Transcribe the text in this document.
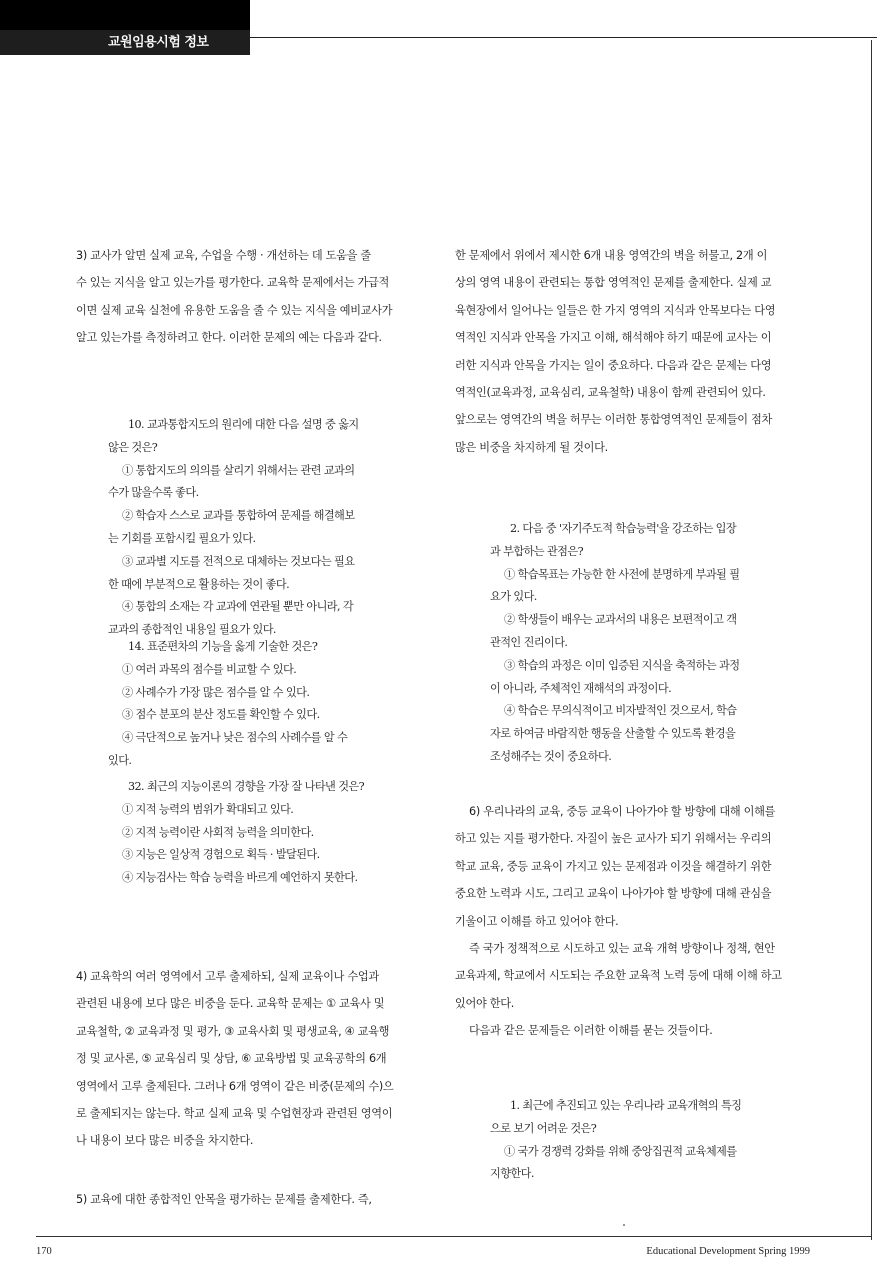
교원임용시험 정보

3) 교사가 알면 실제 교육, 수업을 수행 · 개선하는 데 도움을 줄

수 있는 지식을 알고 있는가를 평가한다. 교육학 문제에서는 가급적

이면 실제 교육 실천에 유용한 도움을 줄 수 있는 지식을 예비교사가

알고 있는가를 측정하려고 한다. 이러한 문제의 예는 다음과 같다.

10. 교과통합지도의 원리에 대한 다음 설명 중 옳지

않은 것은?

① 통합지도의 의의를 살리기 위해서는 관련 교과의

수가 많을수록 좋다.

② 학습자 스스로 교과를 통합하여 문제를 해결해보

는 기회를 포함시킬 필요가 있다.

③ 교과별 지도를 전적으로 대체하는 것보다는 필요

한 때에 부분적으로 활용하는 것이 좋다.

④ 통합의 소재는 각 교과에 연관될 뿐만 아니라, 각

교과의 종합적인 내용일 필요가 있다.

14. 표준편차의 기능을 옳게 기술한 것은?

① 여러 과목의 점수를 비교할 수 있다.

② 사례수가 가장 많은 점수를 알 수 있다.

③ 점수 분포의 분산 정도를 확인할 수 있다.

④ 극단적으로 높거나 낮은 점수의 사례수를 알 수

있다.

32. 최근의 지능이론의 경향을 가장 잘 나타낸 것은?

① 지적 능력의 범위가 확대되고 있다.

② 지적 능력이란 사회적 능력을 의미한다.

③ 지능은 일상적 경험으로 획득 · 발달된다.

④ 지능검사는 학습 능력을 바르게 예언하지 못한다.

4) 교육학의 여러 영역에서 고루 출제하되, 실제 교육이나 수업과

관련된 내용에 보다 많은 비중을 둔다. 교육학 문제는 ① 교육사 및

교육철학, ② 교육과정 및 평가, ③ 교육사회 및 평생교육, ④ 교육행

정 및 교사론, ⑤ 교육심리 및 상담, ⑥ 교육방법 및 교육공학의 6개

영역에서 고루 출제된다. 그러나 6개 영역이 같은 비중(문제의 수)으

로 출제되지는 않는다. 학교 실제 교육 및 수업현장과 관련된 영역이

나 내용이 보다 많은 비중을 차지한다.

5) 교육에 대한 종합적인 안목을 평가하는 문제를 출제한다. 즉,

한 문제에서 위에서 제시한 6개 내용 영역간의 벽을 허물고, 2개 이

상의 영역 내용이 관련되는 통합 영역적인 문제를 출제한다. 실제 교

육현장에서 일어나는 일들은 한 가지 영역의 지식과 안목보다는 다영

역적인 지식과 안목을 가지고 이해, 해석해야 하기 때문에 교사는 이

러한 지식과 안목을 가지는 일이 중요하다. 다음과 같은 문제는 다영

역적인(교육과정, 교육심리, 교육철학) 내용이 함께 관련되어 있다.

앞으로는 영역간의 벽을 허무는 이러한 통합영역적인 문제들이 점차

많은 비중을 차지하게 될 것이다.

2. 다음 중 '자기주도적 학습능력'을 강조하는 입장

과 부합하는 관점은?

① 학습목표는 가능한 한 사전에 분명하게 부과될 필

요가 있다.

② 학생들이 배우는 교과서의 내용은 보편적이고 객

관적인 진리이다.

③ 학습의 과정은 이미 입증된 지식을 축적하는 과정

이 아니라, 주체적인 재해석의 과정이다.

④ 학습은 무의식적이고 비자발적인 것으로서, 학습

자로 하여금 바람직한 행동을 산출할 수 있도록 환경을

조성해주는 것이 중요하다.

6) 우리나라의 교육, 중등 교육이 나아가야 할 방향에 대해 이해를

하고 있는 지를 평가한다. 자질이 높은 교사가 되기 위해서는 우리의

학교 교육, 중등 교육이 가지고 있는 문제점과 이것을 해결하기 위한

중요한 노력과 시도, 그리고 교육이 나아가야 할 방향에 대해 관심을

기울이고 이해를 하고 있어야 한다.

즉 국가 정책적으로 시도하고 있는 교육 개혁 방향이나 정책, 현안

교육과제, 학교에서 시도되는 주요한 교육적 노력 등에 대해 이해 하고

있어야 한다.

다음과 같은 문제들은 이러한 이해를 묻는 것들이다.

1. 최근에 추진되고 있는 우리나라 교육개혁의 특징

으로 보기 어려운 것은?

① 국가 경쟁력 강화를 위해 중앙집권적 교육체제를

지향한다.

170	Educational Development Spring 1999
